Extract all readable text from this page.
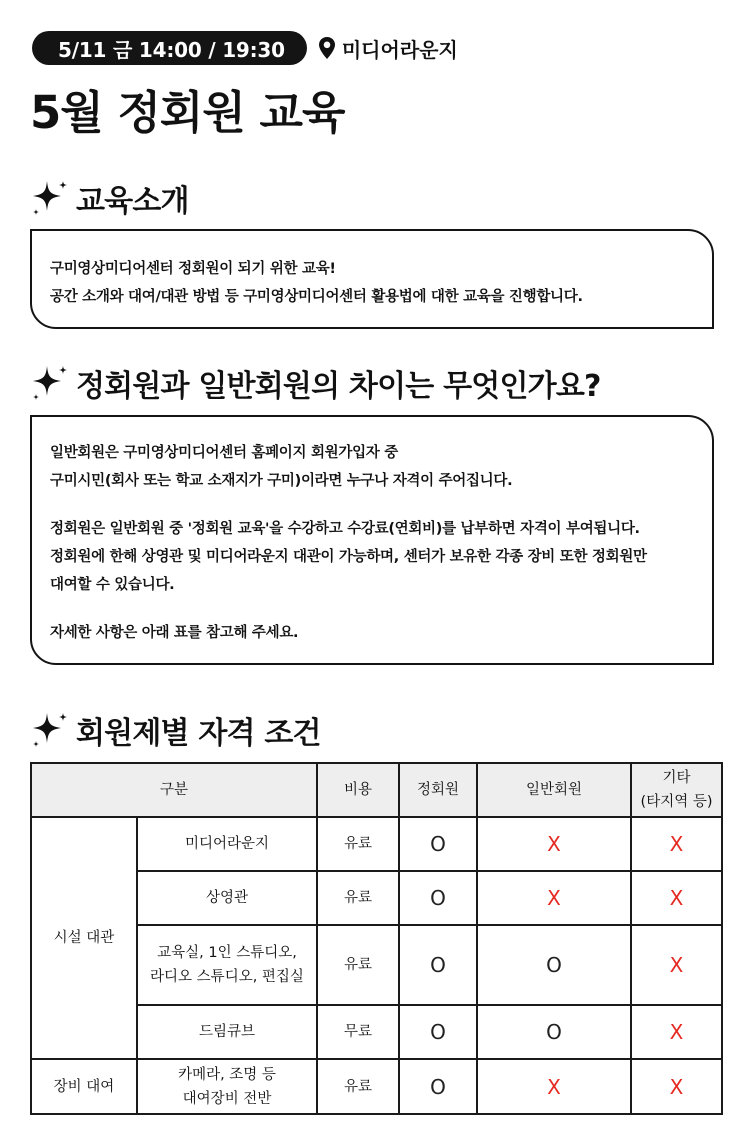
5/11 금 14:00 / 19:30	미디어라운지
5월 정회원 교육
교육소개

구미영상미디어센터 정회원이 되기 위한 교육!

공간 소개와 대여/대관 방법 등 구미영상미디어센터 활용법에 대한 교육을 진행합니다.

정회원과 일반회원의 차이는 무엇인가요?

일반회원은 구미영상미디어센터 홈페이지 회원가입자 중

구미시민(회사 또는 학교 소재지가 구미)이라면 누구나 자격이 주어집니다.

정회원은 일반회원 중 '정회원 교육'을 수강하고 수강료(연회비)를 납부하면 자격이 부여됩니다.

정회원에 한해 상영관 및 미디어라운지 대관이 가능하며, 센터가 보유한 각종 장비 또한 정회원만

대여할 수 있습니다.

자세한 사항은 아래 표를 참고해 주세요.

회원제별 자격 조건
구분		비용	정회원	일반회원	기타
(타지역 등)
시설 대관	미디어라운지	유료	O	X	X
	상영관	유료	O	X	X
	교육실, 1인 스튜디오,
라디오 스튜디오, 편집실	유료	O	O	X
	드림큐브	무료	O	O	X
장비 대여	카메라, 조명 등
대여장비 전반	유료	O	X	X
